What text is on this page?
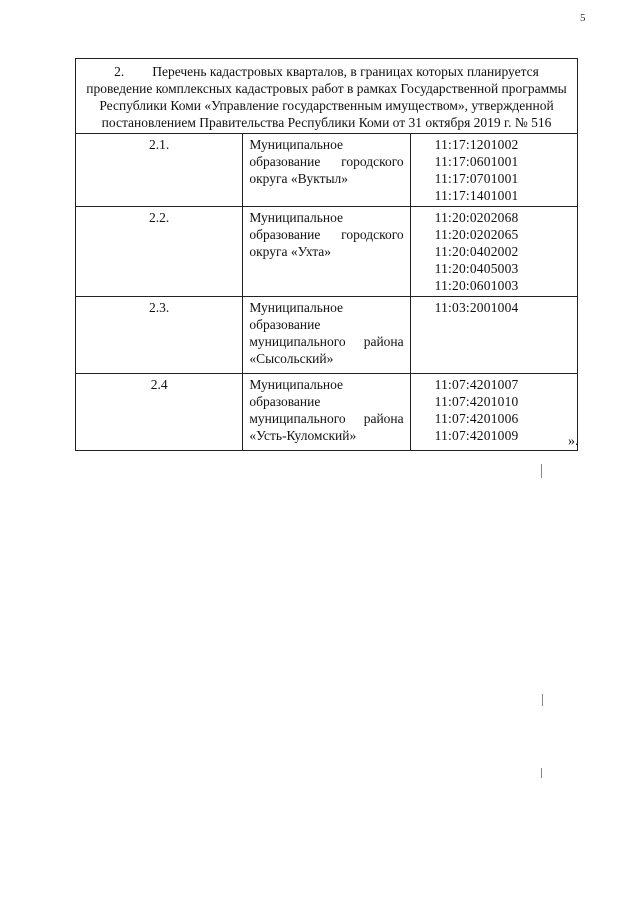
5
2. Перечень кадастровых кварталов, в границах которых планируется проведение комплексных кадастровых работ в рамках Государственной программы Республики Коми «Управление государственным имуществом», утвержденной постановлением Правительства Республики Коми от 31 октября 2019 г. № 516		
2.1.	Муниципальное образование городского округа «Вуктыл»	11:17:1201002
11:17:0601001
11:17:0701001
11:17:1401001

2.2.	Муниципальное образование городского округа «Ухта»	11:20:0202068
11:20:0202065
11:20:0402002
11:20:0405003
11:20:0601003

2.3.	Муниципальное образование муниципального района «Сысольский»	11:03:2001004

2.4	Муниципальное образование муниципального района «Усть-Куломский»	11:07:4201007
11:07:4201010
11:07:4201006
11:07:4201009	».
